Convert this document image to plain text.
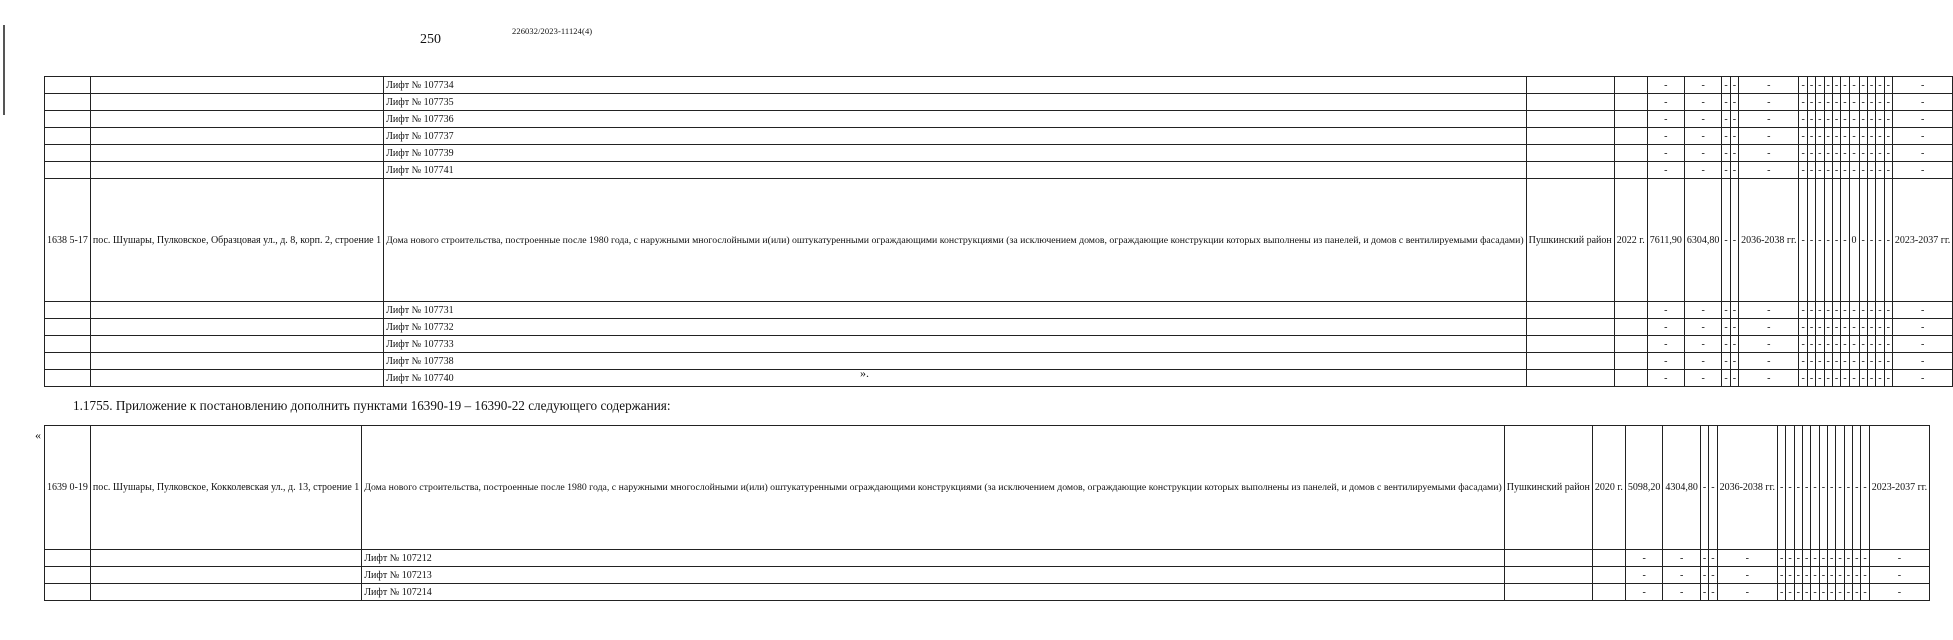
226032/2023-11124(4)
250
		Лифт № 107734			-	-	-	-	-	-	-	-	-	-	-	-	-	-	-	-	-
		Лифт № 107735			-	-	-	-	-	-	-	-	-	-	-	-	-	-	-	-	-
		Лифт № 107736			-	-	-	-	-	-	-	-	-	-	-	-	-	-	-	-	-
		Лифт № 107737			-	-	-	-	-	-	-	-	-	-	-	-	-	-	-	-	-
		Лифт № 107739			-	-	-	-	-	-	-	-	-	-	-	-	-	-	-	-	-
		Лифт № 107741			-	-	-	-	-	-	-	-	-	-	-	-	-	-	-	-	-
1638 5-17	пос. Шушары, Пулковское, Образцовая ул., д. 8, корп. 2, строение 1	Дома нового строительства, построенные после 1980 года, с наружными многослойными и(или) оштукатуренными ограждающими конструкциями (за исключением домов, ограждающие конструкции которых выполнены из панелей, и домов с вентилируемыми фасадами)	Пушкинский район	2022 г.	7611,90	6304,80	-	-	2036-2038 гг.	-	-	-	-	-	-	0	-	-	-	-	2023-2037 гг.
		Лифт № 107731			-	-	-	-	-	-	-	-	-	-	-	-	-	-	-	-	-
		Лифт № 107732			-	-	-	-	-	-	-	-	-	-	-	-	-	-	-	-	-
		Лифт № 107733			-	-	-	-	-	-	-	-	-	-	-	-	-	-	-	-	-
		Лифт № 107738			-	-	-	-	-	-	-	-	-	-	-	-	-	-	-	-	-
		Лифт № 107740			-	-	-	-	-	-	-	-	-	-	-	-	-	-	-	-	-
».
1.1755. Приложение к постановлению дополнить пунктами 16390-19 – 16390-22 следующего содержания:
«
1639 0-19	пос. Шушары, Пулковское, Кокколевская ул., д. 13, строение 1	Дома нового строительства, построенные после 1980 года, с наружными многослойными и(или) оштукатуренными ограждающими конструкциями (за исключением домов, ограждающие конструкции которых выполнены из панелей, и домов с вентилируемыми фасадами)	Пушкинский район	2020 г.	5098,20	4304,80	-	-	2036-2038 гг.	-	-	-	-	-	-	-	-	-	-	-	2023-2037 гг.
		Лифт № 107212			-	-	-	-	-	-	-	-	-	-	-	-	-	-	-	-	-
		Лифт № 107213			-	-	-	-	-	-	-	-	-	-	-	-	-	-	-	-	-
		Лифт № 107214			-	-	-	-	-	-	-	-	-	-	-	-	-	-	-	-	-
